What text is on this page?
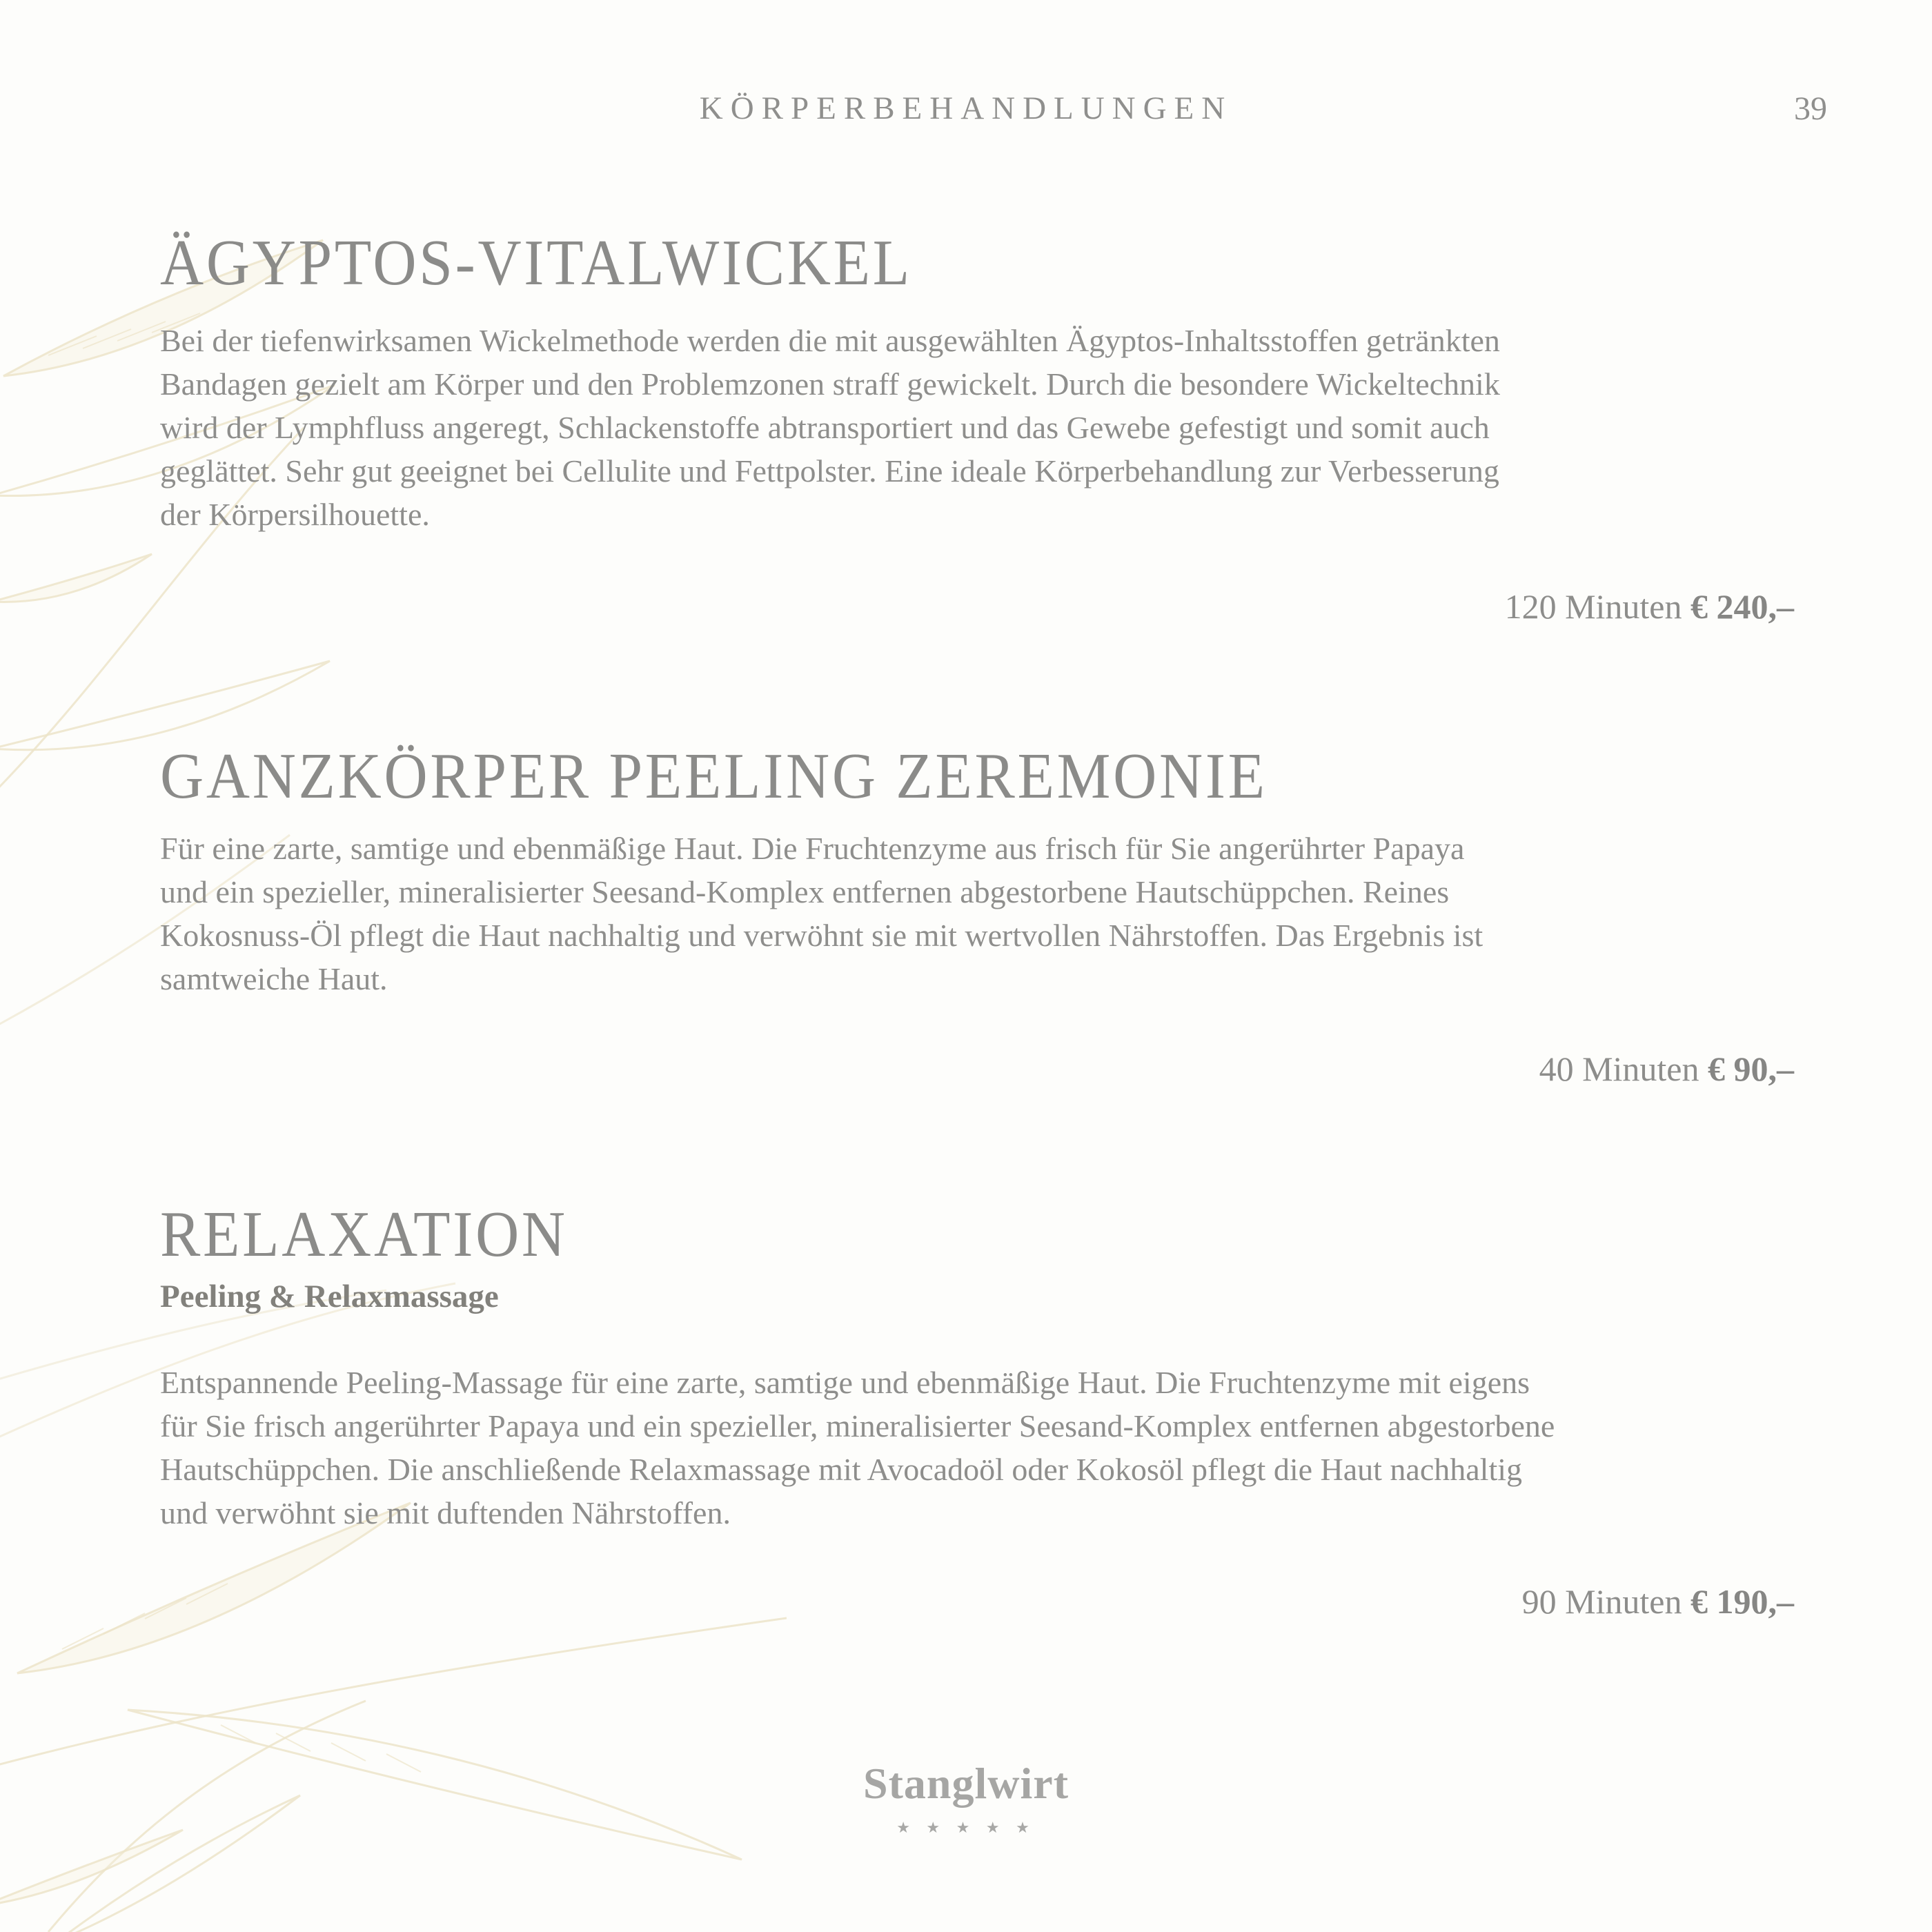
KÖRPERBEHANDLUNGEN	39
ÄGYPTOS-VITALWICKEL
Bei der tiefenwirksamen Wickelmethode werden die mit ausgewählten Ägyptos-Inhaltsstoffen getränkten
Bandagen gezielt am Körper und den Problemzonen straff gewickelt. Durch die besondere Wickeltechnik
wird der Lymphfluss angeregt, Schlackenstoffe abtransportiert und das Gewebe gefestigt und somit auch
geglättet. Sehr gut geeignet bei Cellulite und Fettpolster. Eine ideale Körperbehandlung zur Verbesserung
der Körpersilhouette.
120 Minuten € 240,–
GANZKÖRPER PEELING ZEREMONIE
Für eine zarte, samtige und ebenmäßige Haut. Die Fruchtenzyme aus frisch für Sie angerührter Papaya
und ein spezieller, mineralisierter Seesand-Komplex entfernen abgestorbene Hautschüppchen. Reines
Kokosnuss-Öl pflegt die Haut nachhaltig und verwöhnt sie mit wertvollen Nährstoffen. Das Ergebnis ist
samtweiche Haut.
40 Minuten € 90,–
RELAXATION
Peeling & Relaxmassage
Entspannende Peeling-Massage für eine zarte, samtige und ebenmäßige Haut. Die Fruchtenzyme mit eigens
für Sie frisch angerührter Papaya und ein spezieller, mineralisierter Seesand-Komplex entfernen abgestorbene
Hautschüppchen. Die anschließende Relaxmassage mit Avocadoöl oder Kokosöl pflegt die Haut nachhaltig
und verwöhnt sie mit duftenden Nährstoffen.
90 Minuten € 190,–
Stanglwirt
★ ★ ★ ★ ★
